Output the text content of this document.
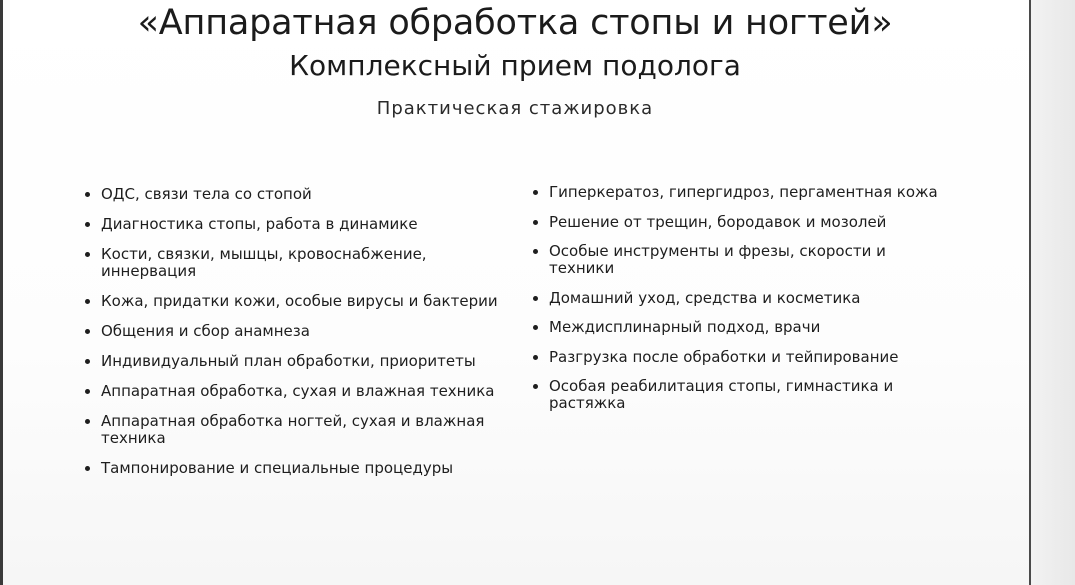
«Аппаратная обработка стопы и ногтей»
Комплексный прием подолога
Практическая стажировка
ОДС, связи тела со стопой
Диагностика стопы, работа в динамике
Кости, связки, мышцы, кровоснабжение, иннервация
Кожа, придатки кожи, особые вирусы и бактерии
Общения и сбор анамнеза
Индивидуальный план обработки, приоритеты
Аппаратная обработка, сухая и влажная техника
Аппаратная обработка ногтей, сухая и влажная техника
Тампонирование и специальные процедуры
Гиперкератоз, гипергидроз, пергаментная кожа
Решение от трещин, бородавок и мозолей
Особые инструменты и фрезы, скорости и техники
Домашний уход, средства и косметика
Междисплинарный подход, врачи
Разгрузка после обработки и тейпирование
Особая реабилитация стопы, гимнастика и растяжка
